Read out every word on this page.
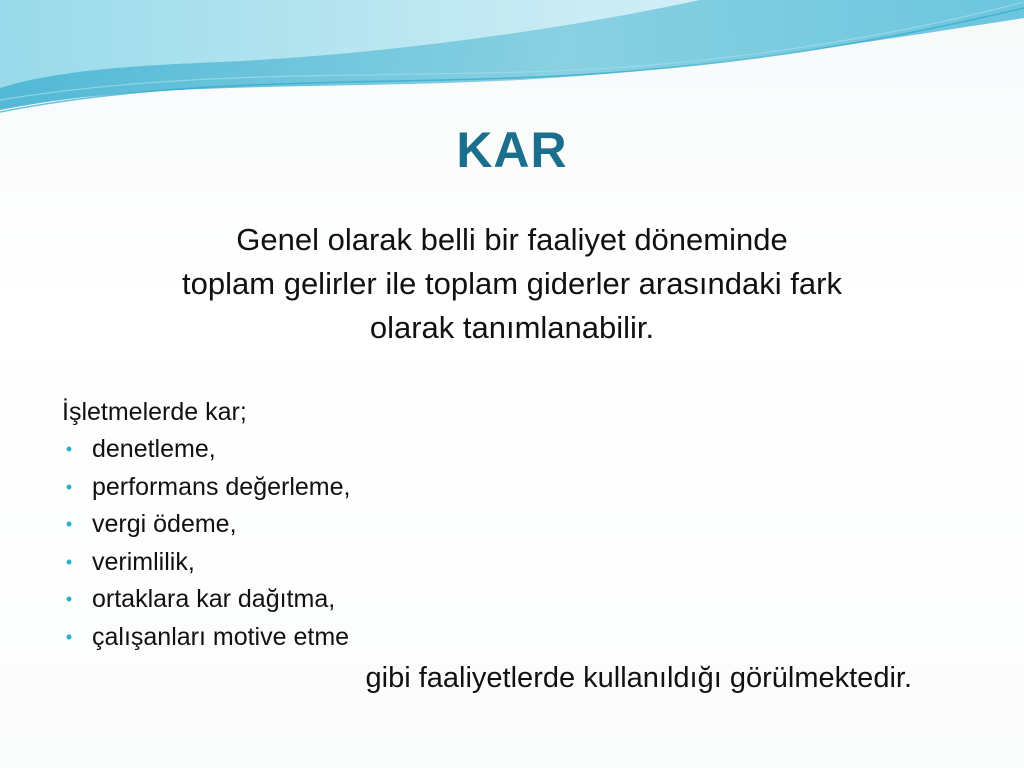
KAR
Genel olarak belli bir faaliyet döneminde
toplam gelirler ile toplam giderler arasındaki fark
olarak tanımlanabilir.
İşletmelerde kar;
• denetleme,
• performans değerleme,
• vergi ödeme,
• verimlilik,
• ortaklara kar dağıtma,
• çalışanları motive etme
gibi faaliyetlerde kullanıldığı görülmektedir.
